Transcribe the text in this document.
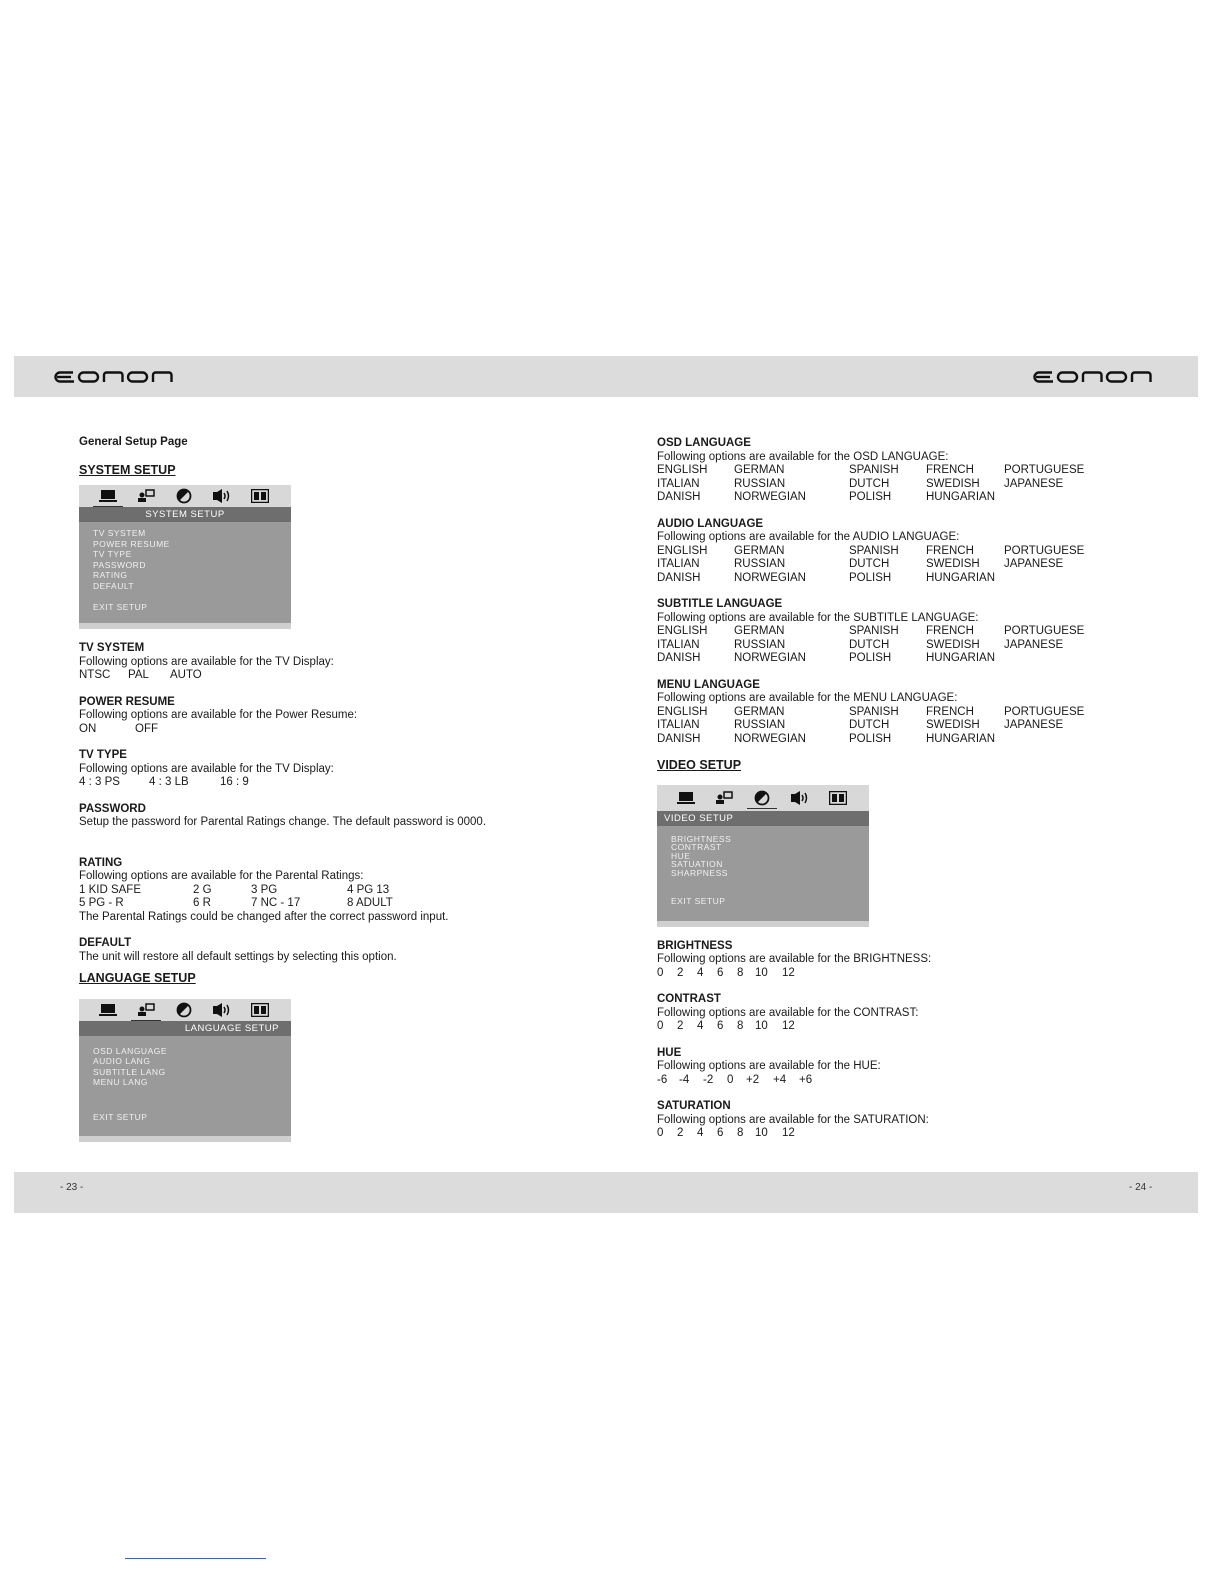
- 23 -	- 24 -
General Setup Page
SYSTEM SETUP
SYSTEM SETUP
TV SYSTEM
POWER RESUME
TV TYPE
PASSWORD
RATING
DEFAULT
EXIT SETUP
TV SYSTEM
Following options are available for the TV Display:
NTSC	PAL	AUTO
POWER RESUME
Following options are available for the Power Resume:
ON	OFF
TV TYPE
Following options are available for the TV Display:
4 : 3 PS	4 : 3 LB	16 : 9
PASSWORD
Setup the password for Parental Ratings change. The default password is 0000.
RATING
Following options are available for the Parental Ratings:
1 KID SAFE	2 G	3 PG	4 PG 13
5 PG - R	6 R	7 NC - 17	8 ADULT
The Parental Ratings could be changed after the correct password input.
DEFAULT
The unit will restore all default settings by selecting this option.
LANGUAGE SETUP
LANGUAGE SETUP
OSD LANGUAGE
AUDIO LANG
SUBTITLE LANG
MENU LANG
EXIT SETUP
OSD LANGUAGE
Following options are available for the OSD LANGUAGE:
ENGLISH	GERMAN	SPANISH	FRENCH	PORTUGUESE
ITALIAN	RUSSIAN	DUTCH	SWEDISH	JAPANESE
DANISH	NORWEGIAN	POLISH	HUNGARIAN
AUDIO LANGUAGE
Following options are available for the AUDIO LANGUAGE:
ENGLISH	GERMAN	SPANISH	FRENCH	PORTUGUESE
ITALIAN	RUSSIAN	DUTCH	SWEDISH	JAPANESE
DANISH	NORWEGIAN	POLISH	HUNGARIAN
SUBTITLE LANGUAGE
Following options are available for the SUBTITLE LANGUAGE:
ENGLISH	GERMAN	SPANISH	FRENCH	PORTUGUESE
ITALIAN	RUSSIAN	DUTCH	SWEDISH	JAPANESE
DANISH	NORWEGIAN	POLISH	HUNGARIAN
MENU LANGUAGE
Following options are available for the MENU LANGUAGE:
ENGLISH	GERMAN	SPANISH	FRENCH	PORTUGUESE
ITALIAN	RUSSIAN	DUTCH	SWEDISH	JAPANESE
DANISH	NORWEGIAN	POLISH	HUNGARIAN
VIDEO SETUP
VIDEO SETUP
BRIGHTNESS
CONTRAST
HUE
SATUATION
SHARPNESS
EXIT SETUP
BRIGHTNESS
Following options are available for the BRIGHTNESS:
0	2	4	6	8	10	12
CONTRAST
Following options are available for the CONTRAST:
0	2	4	6	8	10	12
HUE
Following options are available for the HUE:
-6	-4	-2	0	+2	+4	+6
SATURATION
Following options are available for the SATURATION:
0	2	4	6	8	10	12
